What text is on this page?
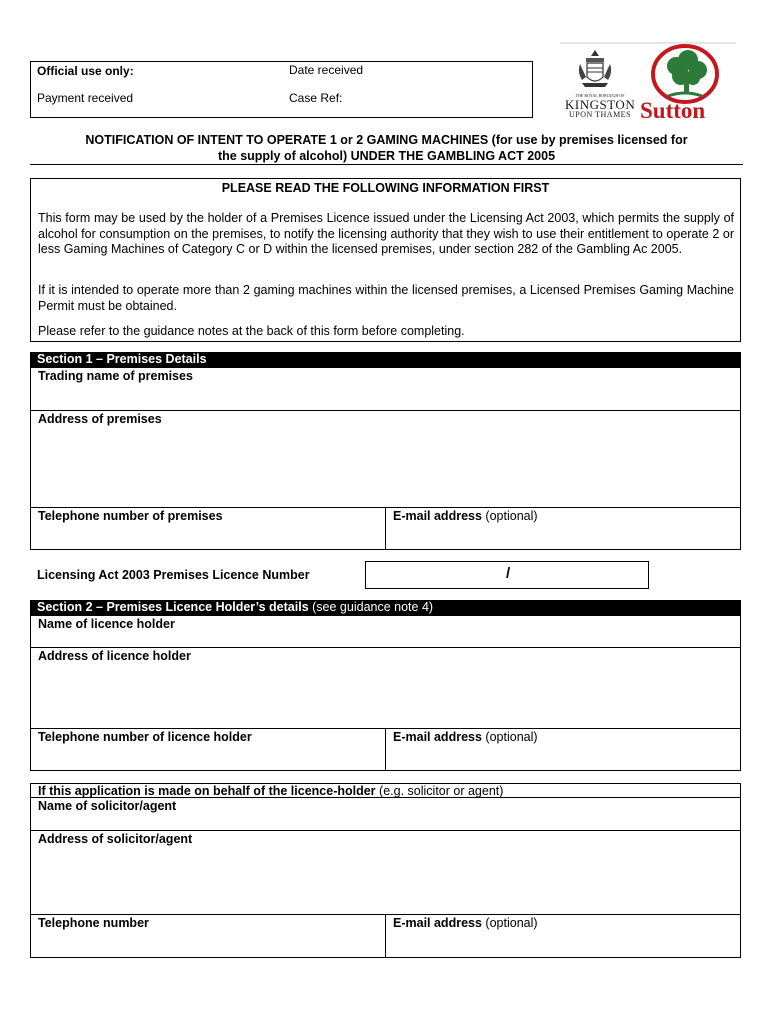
Official use only:	Date received
Payment received	Case Ref:	THE ROYAL BOROUGH OF
KINGSTON
UPON THAMES Sutton
NOTIFICATION OF INTENT TO OPERATE 1 or 2 GAMING MACHINES (for use by premises licensed for
the supply of alcohol) UNDER THE GAMBLING ACT 2005
PLEASE READ THE FOLLOWING INFORMATION FIRST

This form may be used by the holder of a Premises Licence issued under the Licensing Act 2003, which permits the supply of alcohol for consumption on the premises, to notify the licensing authority that they wish to use their entitlement to operate 2 or less Gaming Machines of Category C or D within the licensed premises, under section 282 of the Gambling Ac 2005.

If it is intended to operate more than 2 gaming machines within the licensed premises, a Licensed Premises Gaming Machine Permit must be obtained.

Please refer to the guidance notes at the back of this form before completing.

Section 1 – Premises Details
Trading name of premises
Address of premises
Telephone number of premises	E-mail address (optional)
Licensing Act 2003 Premises Licence Number	/
Section 2 – Premises Licence Holder’s details (see guidance note 4)
Name of licence holder
Address of licence holder
Telephone number of licence holder	E-mail address (optional)
If this application is made on behalf of the licence-holder (e.g. solicitor or agent)
Name of solicitor/agent
Address of solicitor/agent
Telephone number	E-mail address (optional)
